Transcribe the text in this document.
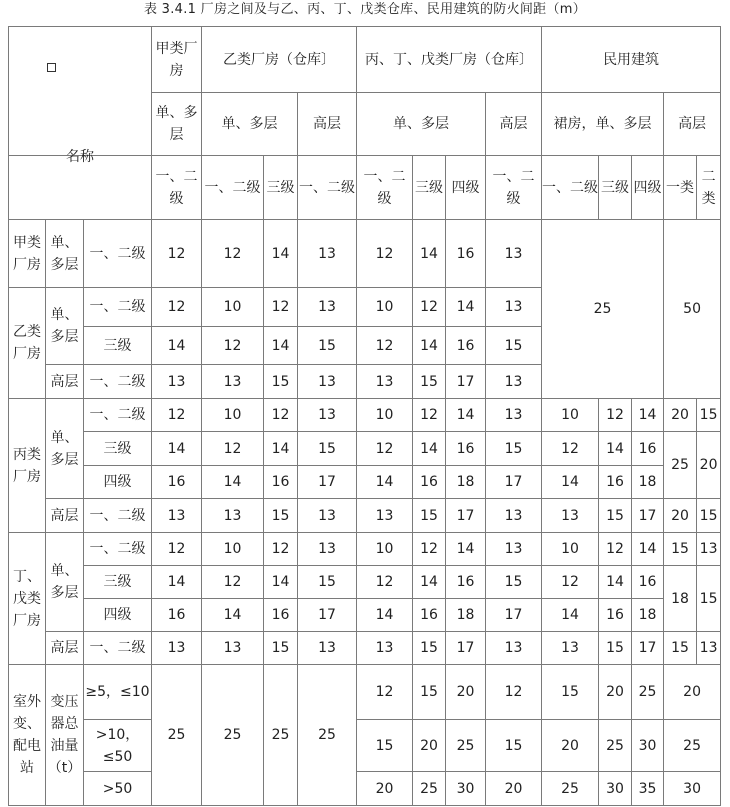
表 3.4.1 厂房之间及与乙、丙、丁、戊类仓库、民用建筑的防火间距（m）
名称			甲类厂房	乙类厂房（仓库〕			丙、丁、戊类厂房（仓库〕				民用建筑				
			单、多层	单、多层		高层	单、多层			高层	裙房，单、多层			高层	
			一、二级	一、二级	三级	一、二级	一、二级	三级	四级	一、二级	一、二级	三级	四级	一类	二类
甲类厂房	单、多层	一、二级	12	12	14	13	12	14	16	13	25			50	
乙类厂房	单、多层	一、二级	12	10	12	13	10	12	14	13					
		三级	14	12	14	15	12	14	16	15					
	高层	一、二级	13	13	15	13	13	15	17	13					
丙类厂房	单、多层	一、二级	12	10	12	13	10	12	14	13	10	12	14	20	15
		三级	14	12	14	15	12	14	16	15	12	14	16	25	20
		四级	16	14	16	17	14	16	18	17	14	16	18		
	高层	一、二级	13	13	15	13	13	15	17	13	13	15	17	20	15
丁、戊类厂房	单、多层	一、二级	12	10	12	13	10	12	14	13	10	12	14	15	13
		三级	14	12	14	15	12	14	16	15	12	14	16	18	15
		四级	16	14	16	17	14	16	18	17	14	16	18		
	高层	一、二级	13	13	15	13	13	15	17	13	13	15	17	15	13
室外变、配电站	变压器总油量（t）	≥5，≤10	25	25	25	25	12	15	20	12	15	20	25	20	
		>10，≤50					15	20	25	15	20	25	30	25	
		>50					20	25	30	20	25	30	35	30	
